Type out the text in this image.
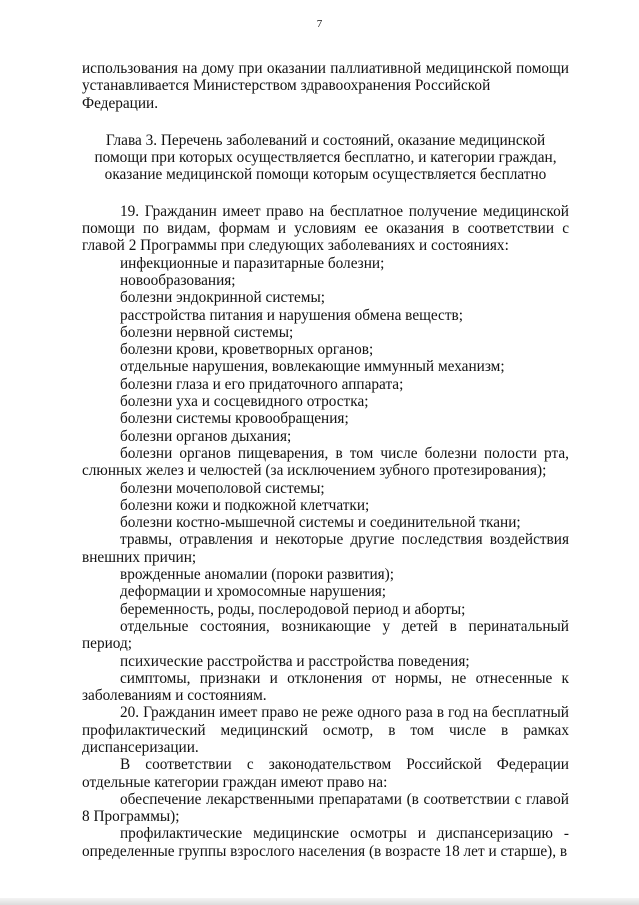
7
использования на дому при оказании паллиативной медицинской помощи
устанавливается Министерством здравоохранения Российской Федерации.
Глава 3. Перечень заболеваний и состояний, оказание медицинской
помощи при которых осуществляется бесплатно, и категории граждан,
оказание медицинской помощи которым осуществляется бесплатно
19. Гражданин имеет право на бесплатное получение медицинской помощи по видам, формам и условиям ее оказания в соответствии с главой 2 Программы при следующих заболеваниях и состояниях:
инфекционные и паразитарные болезни;
новообразования;
болезни эндокринной системы;
расстройства питания и нарушения обмена веществ;
болезни нервной системы;
болезни крови, кроветворных органов;
отдельные нарушения, вовлекающие иммунный механизм;
болезни глаза и его придаточного аппарата;
болезни уха и сосцевидного отростка;
болезни системы кровообращения;
болезни органов дыхания;
болезни органов пищеварения, в том числе болезни полости рта, слюнных желез и челюстей (за исключением зубного протезирования);
болезни мочеполовой системы;
болезни кожи и подкожной клетчатки;
болезни костно-мышечной системы и соединительной ткани;
травмы, отравления и некоторые другие последствия воздействия внешних причин;
врожденные аномалии (пороки развития);
деформации и хромосомные нарушения;
беременность, роды, послеродовой период и аборты;
отдельные состояния, возникающие у детей в перинатальный период;
психические расстройства и расстройства поведения;
симптомы, признаки и отклонения от нормы, не отнесенные к заболеваниям и состояниям.
20. Гражданин имеет право не реже одного раза в год на бесплатный профилактический медицинский осмотр, в том числе в рамках диспансеризации.
В соответствии с законодательством Российской Федерации отдельные категории граждан имеют право на:
обеспечение лекарственными препаратами (в соответствии с главой 8 Программы);
профилактические медицинские осмотры и диспансеризацию - определенные группы взрослого населения (в возрасте 18 лет и старше), в
